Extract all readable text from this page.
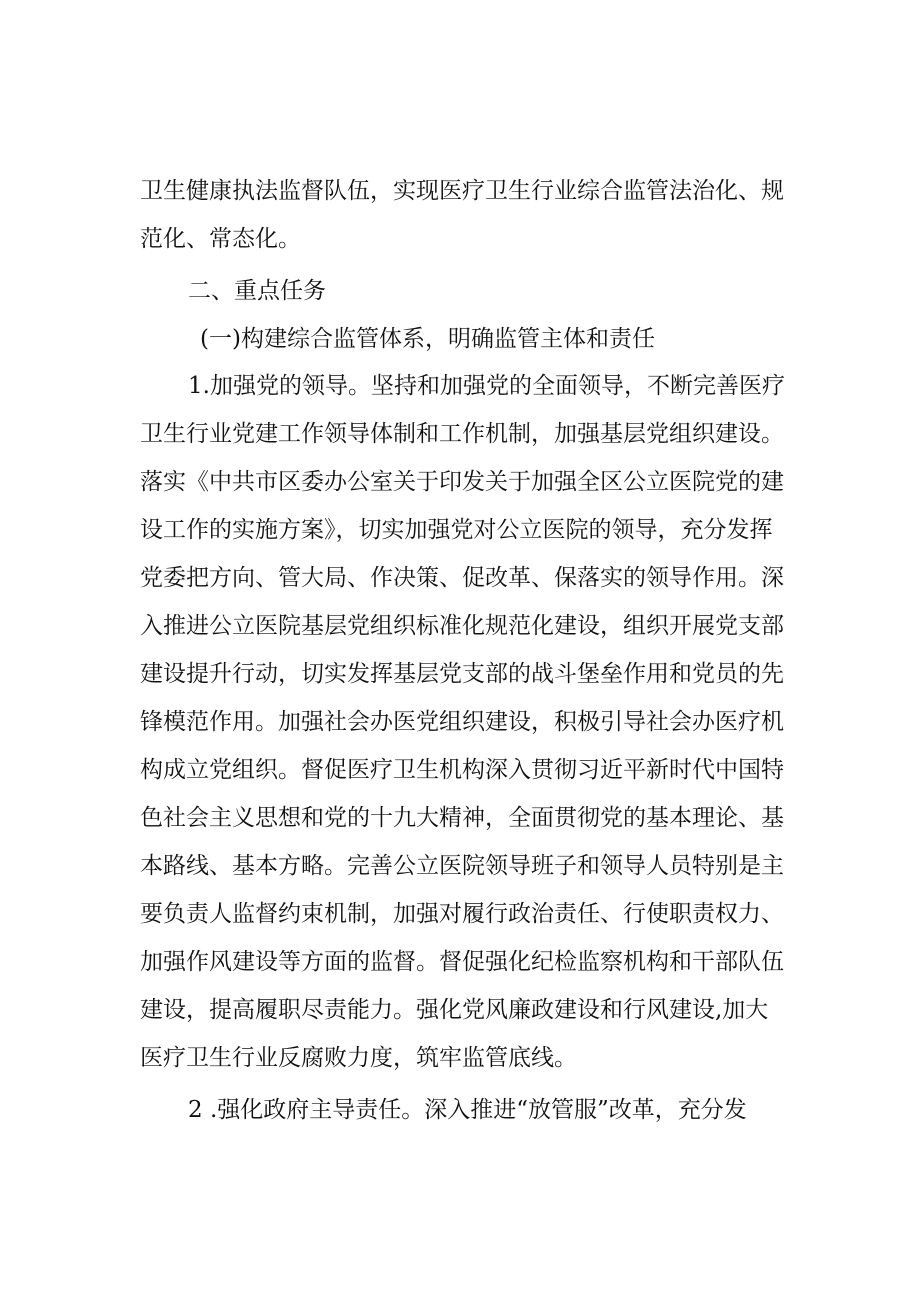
卫生健康执法监督队伍，实现医疗卫生行业综合监管法治化、规

范化、常态化。

二、重点任务

(一)构建综合监管体系，明确监管主体和责任

1.加强党的领导。坚持和加强党的全面领导，不断完善医疗

卫生行业党建工作领导体制和工作机制，加强基层党组织建设。

落实《中共市区委办公室关于印发关于加强全区公立医院党的建

设工作的实施方案》，切实加强党对公立医院的领导，充分发挥

党委把方向、管大局、作决策、促改革、保落实的领导作用。深

入推进公立医院基层党组织标准化规范化建设，组织开展党支部

建设提升行动，切实发挥基层党支部的战斗堡垒作用和党员的先

锋模范作用。加强社会办医党组织建设，积极引导社会办医疗机

构成立党组织。督促医疗卫生机构深入贯彻习近平新时代中国特

色社会主义思想和党的十九大精神，全面贯彻党的基本理论、基

本路线、基本方略。完善公立医院领导班子和领导人员特别是主

要负责人监督约束机制，加强对履行政治责任、行使职责权力、

加强作风建设等方面的监督。督促强化纪检监察机构和干部队伍

建设，提高履职尽责能力。强化党风廉政建设和行风建设,加大

医疗卫生行业反腐败力度，筑牢监管底线。

2 .强化政府主导责任。深入推进“放管服”改革，充分发
